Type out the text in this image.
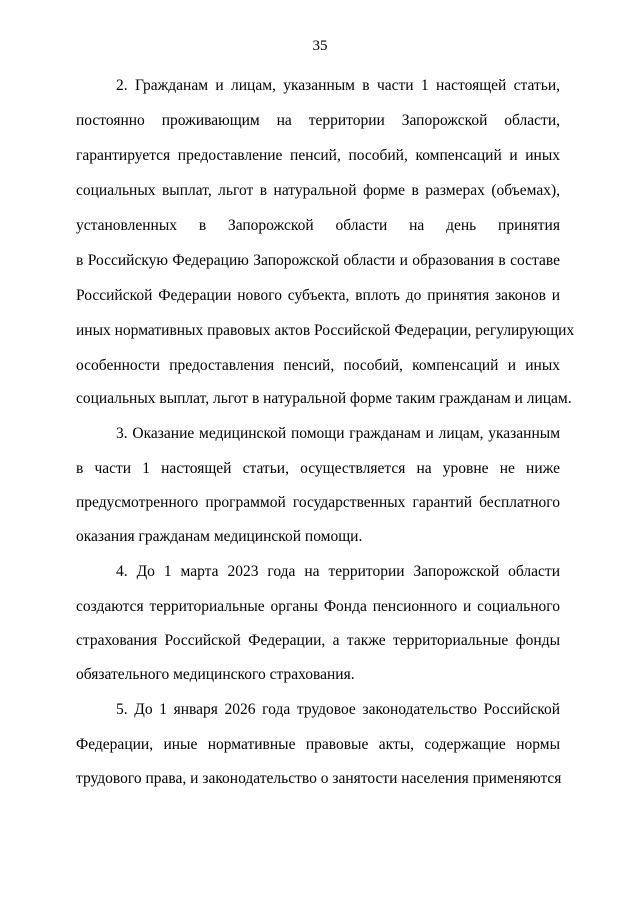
35
2. Гражданам и лицам, указанным в части 1 настоящей статьи,
постоянно проживающим на территории Запорожской области,
гарантируется предоставление пенсий, пособий, компенсаций и иных
социальных выплат, льгот в натуральной форме в размерах (объемах),
установленных в Запорожской области на день принятия
в Российскую Федерацию Запорожской области и образования в составе
Российской Федерации нового субъекта, вплоть до принятия законов и
иных нормативных правовых актов Российской Федерации, регулирующих
особенности предоставления пенсий, пособий, компенсаций и иных
социальных выплат, льгот в натуральной форме таким гражданам и лицам.
3. Оказание медицинской помощи гражданам и лицам, указанным
в части 1 настоящей статьи, осуществляется на уровне не ниже
предусмотренного программой государственных гарантий бесплатного
оказания гражданам медицинской помощи.
4. До 1 марта 2023 года на территории Запорожской области
создаются территориальные органы Фонда пенсионного и социального
страхования Российской Федерации, а также территориальные фонды
обязательного медицинского страхования.
5. До 1 января 2026 года трудовое законодательство Российской
Федерации, иные нормативные правовые акты, содержащие нормы
трудового права, и законодательство о занятости населения применяются
